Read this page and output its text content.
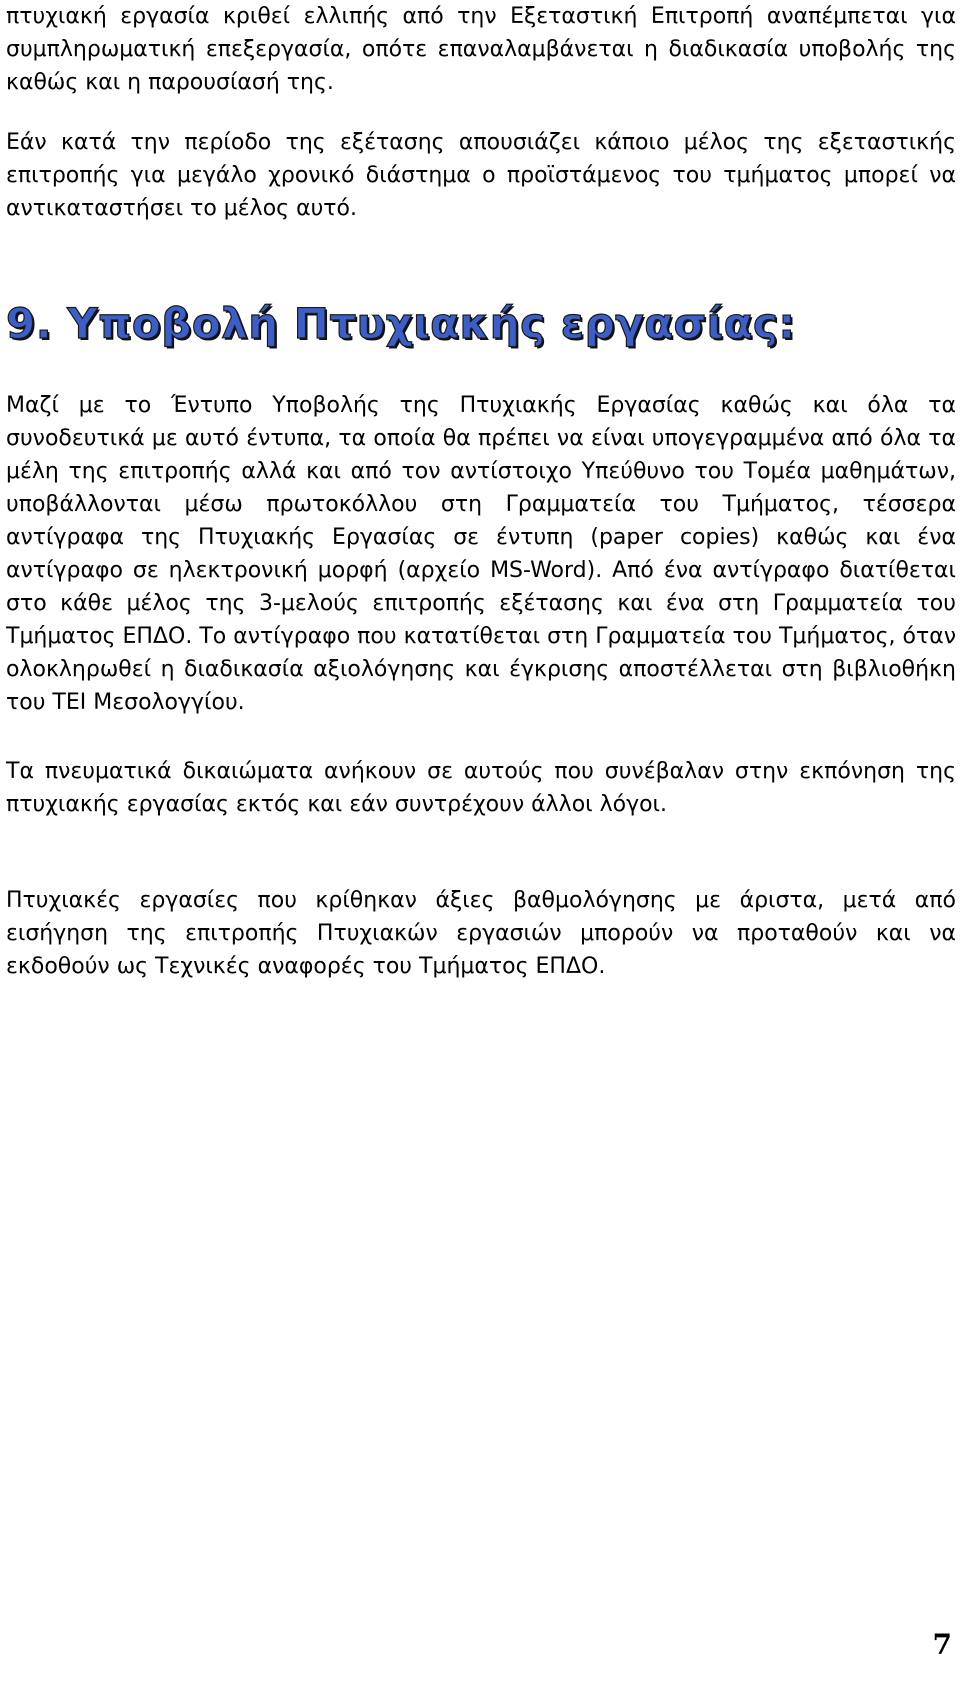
πτυχιακή εργασία κριθεί ελλιπής από την Εξεταστική Επιτροπή αναπέμπεται για συμπληρωματική επεξεργασία, οπότε επαναλαμβάνεται η διαδικασία υποβολής της καθώς και η παρουσίασή της.

Εάν κατά την περίοδο της εξέτασης απουσιάζει κάποιο μέλος της εξεταστικής επιτροπής για μεγάλο χρονικό διάστημα ο προϊστάμενος του τμήματος μπορεί να αντικαταστήσει το μέλος αυτό.

9. Υποβολή Πτυχιακής εργασίας:

Μαζί με το Έντυπο Υποβολής της Πτυχιακής Εργασίας καθώς και όλα τα συνοδευτικά με αυτό έντυπα, τα οποία θα πρέπει να είναι υπογεγραμμένα από όλα τα μέλη της επιτροπής αλλά και από τον αντίστοιχο Υπεύθυνο του Τομέα μαθημάτων, υποβάλλονται μέσω πρωτοκόλλου στη Γραμματεία του Τμήματος, τέσσερα αντίγραφα της Πτυχιακής Εργασίας σε έντυπη (paper copies) καθώς και ένα αντίγραφο σε ηλεκτρονική μορφή (αρχείο MS-Word). Από ένα αντίγραφο διατίθεται στο κάθε μέλος της 3-μελούς επιτροπής εξέτασης και ένα στη Γραμματεία του Τμήματος ΕΠΔΟ. Το αντίγραφο που κατατίθεται στη Γραμματεία του Τμήματος, όταν ολοκληρωθεί η διαδικασία αξιολόγησης και έγκρισης αποστέλλεται στη βιβλιοθήκη του ΤΕΙ Μεσολογγίου.

Τα πνευματικά δικαιώματα ανήκουν σε αυτούς που συνέβαλαν στην εκπόνηση της πτυχιακής εργασίας εκτός και εάν συντρέχουν άλλοι λόγοι.

Πτυχιακές εργασίες που κρίθηκαν άξιες βαθμολόγησης με άριστα, μετά από εισήγηση της επιτροπής Πτυχιακών εργασιών μπορούν να προταθούν και να εκδοθούν ως Τεχνικές αναφορές του Τμήματος ΕΠΔΟ.

7
